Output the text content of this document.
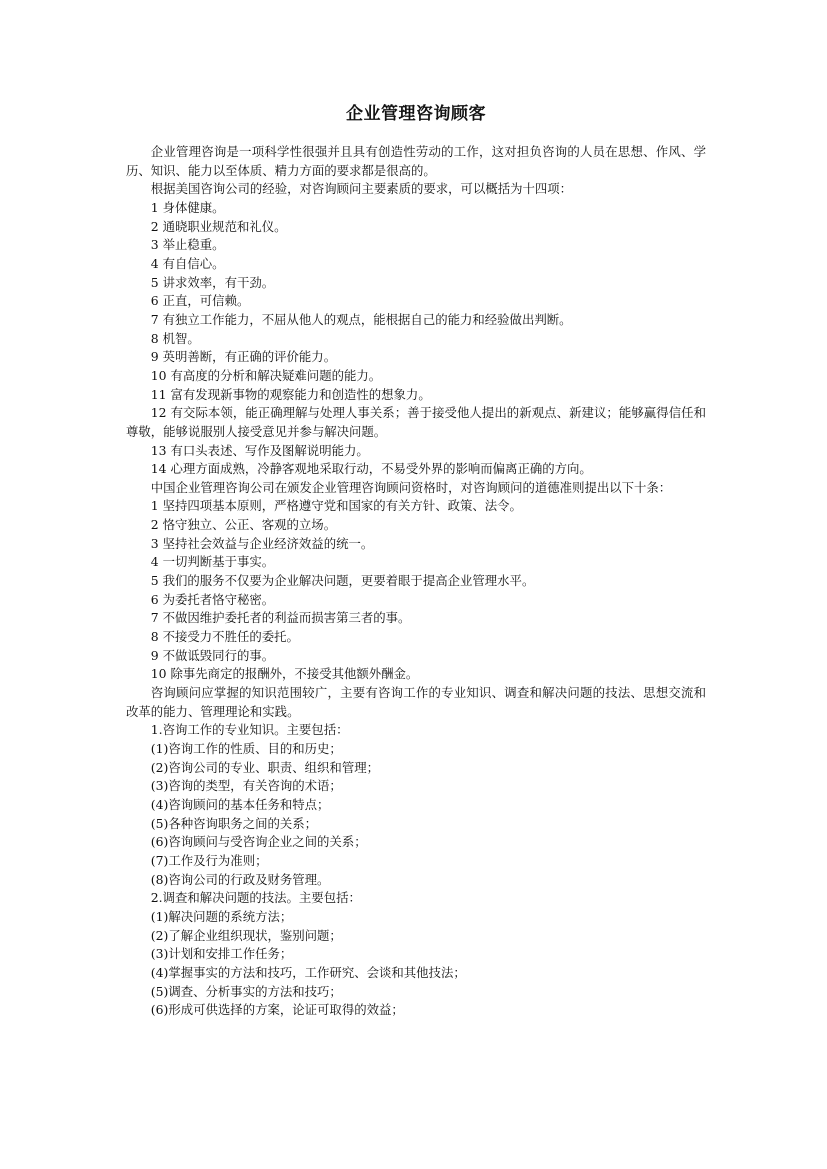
企业管理咨询顾客

企业管理咨询是一项科学性很强并且具有创造性劳动的工作，这对担负咨询的人员在思想、作风、学历、知识、能力以至体质、精力方面的要求都是很高的。

根据美国咨询公司的经验，对咨询顾问主要素质的要求，可以概括为十四项：

1 身体健康。

2 通晓职业规范和礼仪。

3 举止稳重。

4 有自信心。

5 讲求效率，有干劲。

6 正直，可信赖。

7 有独立工作能力，不屈从他人的观点，能根据自己的能力和经验做出判断。

8 机智。

9 英明善断，有正确的评价能力。

10 有高度的分析和解决疑难问题的能力。

11 富有发现新事物的观察能力和创造性的想象力。

12 有交际本领，能正确理解与处理人事关系；善于接受他人提出的新观点、新建议；能够赢得信任和尊敬，能够说服别人接受意见并参与解决问题。

13 有口头表述、写作及图解说明能力。

14 心理方面成熟，冷静客观地采取行动，不易受外界的影响而偏离正确的方向。

中国企业管理咨询公司在颁发企业管理咨询顾问资格时，对咨询顾问的道德准则提出以下十条：

1 坚持四项基本原则，严格遵守党和国家的有关方针、政策、法令。

2 恪守独立、公正、客观的立场。

3 坚持社会效益与企业经济效益的统一。

4 一切判断基于事实。

5 我们的服务不仅要为企业解决问题，更要着眼于提高企业管理水平。

6 为委托者恪守秘密。

7 不做因维护委托者的利益而损害第三者的事。

8 不接受力不胜任的委托。

9 不做诋毁同行的事。

10 除事先商定的报酬外，不接受其他额外酬金。

咨询顾问应掌握的知识范围较广，主要有咨询工作的专业知识、调查和解决问题的技法、思想交流和改革的能力、管理理论和实践。

1.咨询工作的专业知识。主要包括：

(1)咨询工作的性质、目的和历史；

(2)咨询公司的专业、职责、组织和管理；

(3)咨询的类型，有关咨询的术语；

(4)咨询顾问的基本任务和特点；

(5)各种咨询职务之间的关系；

(6)咨询顾问与受咨询企业之间的关系；

(7)工作及行为准则；

(8)咨询公司的行政及财务管理。

2.调查和解决问题的技法。主要包括：

(1)解决问题的系统方法；

(2)了解企业组织现状，鉴别问题；

(3)计划和安排工作任务；

(4)掌握事实的方法和技巧，工作研究、会谈和其他技法；

(5)调查、分析事实的方法和技巧；

(6)形成可供选择的方案，论证可取得的效益；
